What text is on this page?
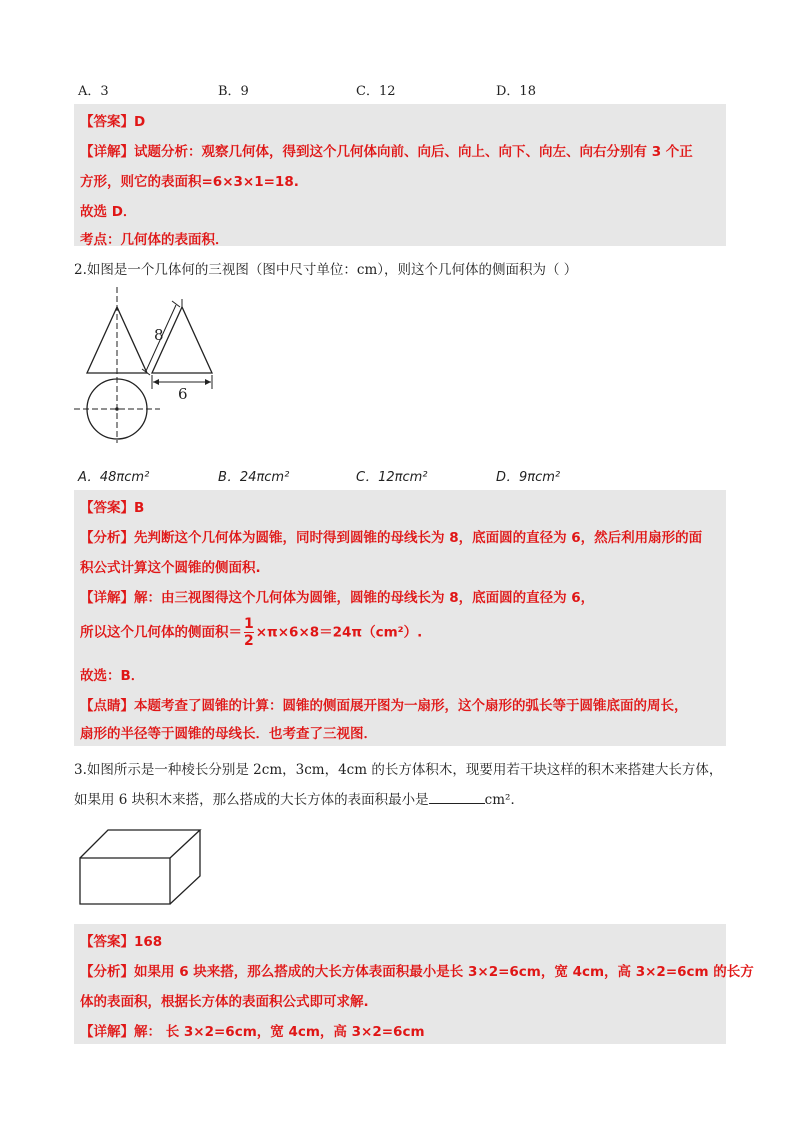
A．3	B．9	C．12	D．18
【答案】D
【详解】试题分析：观察几何体，得到这个几何体向前、向后、向上、向下、向左、向右分别有 3 个正
方形，则它的表面积=6×3×1=18.
故选 D．
考点：几何体的表面积．
2.如图是一个几体何的三视图（图中尺寸单位：cm），则这个几何体的侧面积为（ ）
8
6
A．48πcm²	B．24πcm²	C．12πcm²	D．9πcm²
【答案】B
【分析】先判断这个几何体为圆锥，同时得到圆锥的母线长为 8，底面圆的直径为 6，然后利用扇形的面
积公式计算这个圆锥的侧面积.
【详解】解：由三视图得这个几何体为圆锥，圆锥的母线长为 8，底面圆的直径为 6，
所以这个几何体的侧面积＝ $\frac{1}{2} \times\pi\times 6\times 8=24\pi(cm^2)$.
故选：B．
【点睛】本题考查了圆锥的计算：圆锥的侧面展开图为一扇形，这个扇形的弧长等于圆锥底面的周长，
扇形的半径等于圆锥的母线长．也考查了三视图．
3.如图所示是一种棱长分别是 2cm，3cm，4cm 的长方体积木，现要用若干块这样的积木来搭建大长方体，
如果用 6 块积木来搭，那么搭成的大长方体的表面积最小是	cm²．
【答案】168
【分析】如果用 6 块来搭，那么搭成的大长方体表面积最小是长 3×2=6cm，宽 4cm，高 3×2=6cm 的长方
体的表面积，根据长方体的表面积公式即可求解.
【详解】解： 长 3×2=6cm，宽 4cm，高 3×2=6cm
